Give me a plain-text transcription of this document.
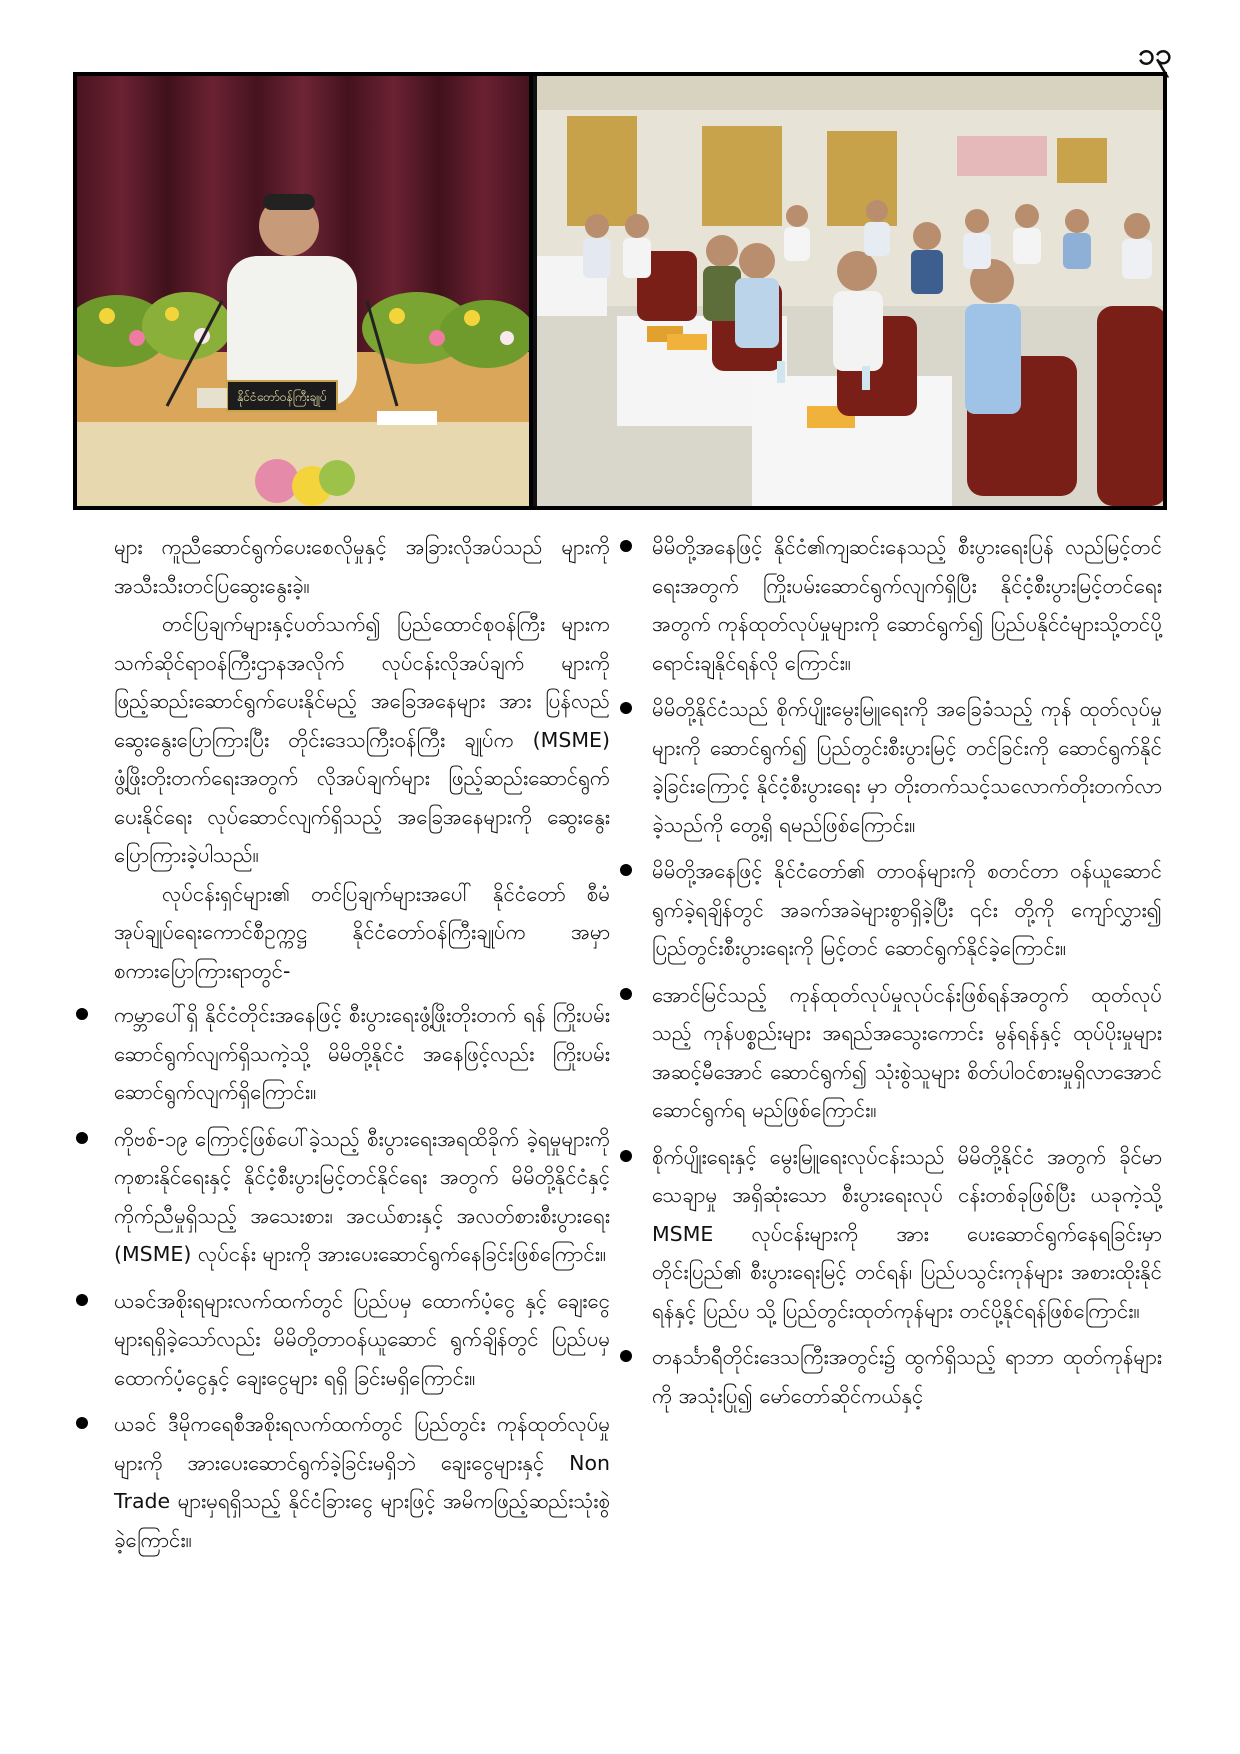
၁၃
နိုင်ငံတော်ဝန်ကြီးချုပ်

များ ကူညီဆောင်ရွက်ပေးစေလိုမှုနှင့် အခြားလိုအပ်သည် များကို အသီးသီးတင်ပြဆွေးနွေးခဲ့။

တင်ပြချက်များနှင့်ပတ်သက်၍ ပြည်ထောင်စုဝန်ကြီး များက သက်ဆိုင်ရာဝန်ကြီးဌာနအလိုက် လုပ်ငန်းလိုအပ်ချက် များကို ဖြည့်ဆည်းဆောင်ရွက်ပေးနိုင်မည့် အခြေအနေများ အား ပြန်လည်ဆွေးနွေးပြောကြားပြီး တိုင်းဒေသကြီးဝန်ကြီး ချုပ်က (MSME) ဖွံ့ဖြိုးတိုးတက်ရေးအတွက် လိုအပ်ချက်များ ဖြည့်ဆည်းဆောင်ရွက်ပေးနိုင်ရေး လုပ်ဆောင်လျက်ရှိသည့် အခြေအနေများကို ဆွေးနွေးပြောကြားခဲ့ပါသည်။

လုပ်ငန်းရှင်များ၏ တင်ပြချက်များအပေါ် နိုင်ငံတော် စီမံအုပ်ချုပ်ရေးကောင်စီဥက္ကဋ္ဌ နိုင်ငံတော်ဝန်ကြီးချုပ်က အမှာ စကားပြောကြားရာတွင်-

ကမ္ဘာပေါ်ရှိ နိုင်ငံတိုင်းအနေဖြင့် စီးပွားရေးဖွံ့ဖြိုးတိုးတက် ရန် ကြိုးပမ်းဆောင်ရွက်လျက်ရှိသကဲ့သို့ မိမိတို့နိုင်ငံ အနေဖြင့်လည်း ကြိုးပမ်းဆောင်ရွက်လျက်ရှိကြောင်း။
ကိုဗစ်-၁၉ ကြောင့်ဖြစ်ပေါ်ခဲ့သည့် စီးပွားရေးအရထိခိုက် ခဲ့ရမှုများကို ကုစားနိုင်ရေးနှင့် နိုင်ငံ့စီးပွားမြင့်တင်နိုင်ရေး အတွက် မိမိတို့နိုင်ငံနှင့် ကိုက်ညီမှုရှိသည့် အသေးစား၊ အငယ်စားနှင့် အလတ်စားစီးပွားရေး (MSME) လုပ်ငန်း များကို အားပေးဆောင်ရွက်နေခြင်းဖြစ်ကြောင်း။
ယခင်အစိုးရများလက်ထက်တွင် ပြည်ပမှ ထောက်ပံ့ငွေ နှင့် ချေးငွေများရရှိခဲ့သော်လည်း မိမိတို့တာဝန်ယူဆောင် ရွက်ချိန်တွင် ပြည်ပမှ ထောက်ပံ့ငွေနှင့် ချေးငွေများ ရရှိ ခြင်းမရှိကြောင်း။
ယခင် ဒီမိုကရေစီအစိုးရလက်ထက်တွင် ပြည်တွင်း ကုန်ထုတ်လုပ်မှုများကို အားပေးဆောင်ရွက်ခဲ့ခြင်းမရှိဘဲ ချေးငွေများနှင့် Non Trade များမှရရှိသည့် နိုင်ငံခြားငွေ များဖြင့် အမိကဖြည့်ဆည်းသုံးစွဲခဲ့ကြောင်း။
မိမိတို့အနေဖြင့် နိုင်ငံ၏ကျဆင်းနေသည့် စီးပွားရေးပြန် လည်မြင့်တင်ရေးအတွက် ကြိုးပမ်းဆောင်ရွက်လျက်ရှိပြီး နိုင်ငံ့စီးပွားမြင့်တင်ရေးအတွက် ကုန်ထုတ်လုပ်မှုများကို ဆောင်ရွက်၍ ပြည်ပနိုင်ငံများသို့တင်ပို့ရောင်းချနိုင်ရန်လို ကြောင်း။
မိမိတို့နိုင်ငံသည် စိုက်ပျိုးမွေးမြူရေးကို အခြေခံသည့် ကုန် ထုတ်လုပ်မှုများကို ဆောင်ရွက်၍ ပြည်တွင်းစီးပွားမြင့် တင်ခြင်းကို ဆောင်ရွက်နိုင်ခဲ့ခြင်းကြောင့် နိုင်ငံ့စီးပွားရေး မှာ တိုးတက်သင့်သလောက်တိုးတက်လာခဲ့သည်ကို တွေ့ရှိ ရမည်ဖြစ်ကြောင်း။
မိမိတို့အနေဖြင့် နိုင်ငံတော်၏ တာဝန်များကို စတင်တာ ဝန်ယူဆောင်ရွက်ခဲ့ရချိန်တွင် အခက်အခဲများစွာရှိခဲ့ပြီး ၎င်း တို့ကို ကျော်လွှား၍ ပြည်တွင်းစီးပွားရေးကို မြင့်တင် ဆောင်ရွက်နိုင်ခဲ့ကြောင်း။
အောင်မြင်သည့် ကုန်ထုတ်လုပ်မှုလုပ်ငန်းဖြစ်ရန်အတွက် ထုတ်လုပ်သည့် ကုန်ပစ္စည်းများ အရည်အသွေးကောင်း မွန်ရန်နှင့် ထုပ်ပိုးမှုများ အဆင့်မီအောင် ဆောင်ရွက်၍ သုံးစွဲသူများ စိတ်ပါဝင်စားမှုရှိလာအောင် ဆောင်ရွက်ရ မည်ဖြစ်ကြောင်း။
စိုက်ပျိုးရေးနှင့် မွေးမြူရေးလုပ်ငန်းသည် မိမိတို့နိုင်ငံ အတွက် ခိုင်မာသေချာမှု အရှိဆုံးသော စီးပွားရေးလုပ် ငန်းတစ်ခုဖြစ်ပြီး ယခုကဲ့သို့ MSME လုပ်ငန်းများကို အား ပေးဆောင်ရွက်နေရခြင်းမှာ တိုင်းပြည်၏ စီးပွားရေးမြင့် တင်ရန်၊ ပြည်ပသွင်းကုန်များ အစားထိုးနိုင်ရန်နှင့် ပြည်ပ သို့ ပြည်တွင်းထုတ်ကုန်များ တင်ပို့နိုင်ရန်ဖြစ်ကြောင်း။
တနင်္သာရီတိုင်းဒေသကြီးအတွင်း၌ ထွက်ရှိသည့် ရာဘာ ထုတ်ကုန်များကို အသုံးပြု၍ မော်တော်ဆိုင်ကယ်နှင့်
